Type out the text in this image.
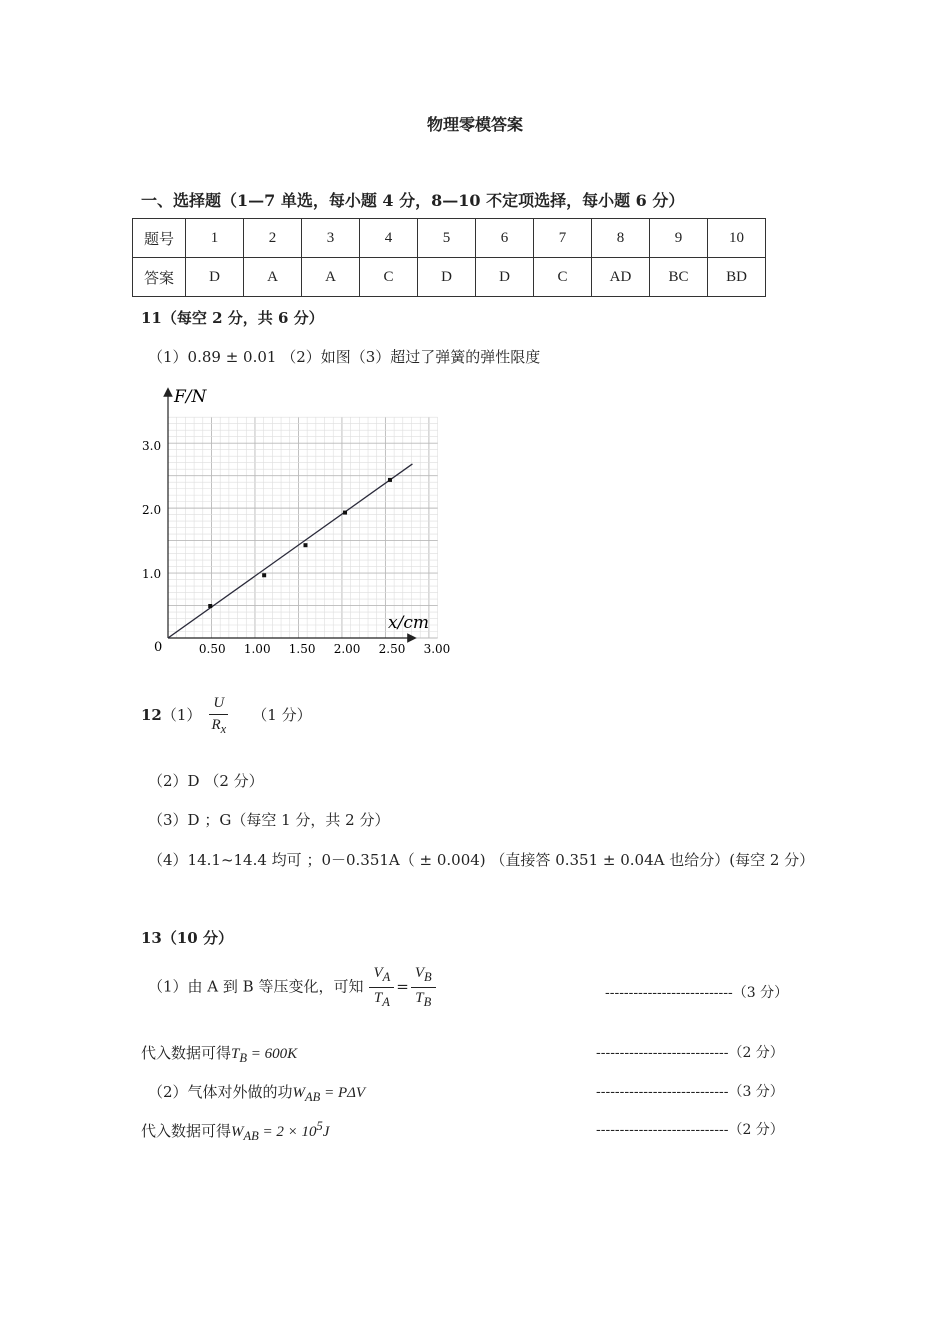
物理零模答案
一、选择题（1—7 单选，每小题 4 分，8—10 不定项选择，每小题 6 分）
题号	1	2	3	4	5	6	7	8	9	10
答案	D	A	A	C	D	D	C	AD	BC	BD
11（每空 2 分，共 6 分）
（1）0.89 ± 0.01 （2）如图（3）超过了弹簧的弹性限度
0.50 1.00 1.50 2.00 2.50 3.00
1.0
2.0
3.0
F/N
x/cm
0
$12(1) \frac{U}{R_x} (1$ 分）
（2）D （2 分）
（3）D ；G（每空 1 分，共 2 分）
（4）14.1~14.4 均可 ；0－0.351A（ ± 0.004) （直接答 0.351 ± 0.04A 也给分）(每空 2 分）
13（10 分）
（1）由 A 到 B 等压变化，可知 $\frac{V_A}{T_A} = \frac{V_B}{T_B}$	---------------------------（3 分）
代入数据可得$T_B = 600K$	----------------------------（2 分）
（2）气体对外做的功$W_{AB} = P\Delta V$	----------------------------（3 分）
代入数据可得$W_{AB} = 2 \times 10^5J$	----------------------------（2 分）
